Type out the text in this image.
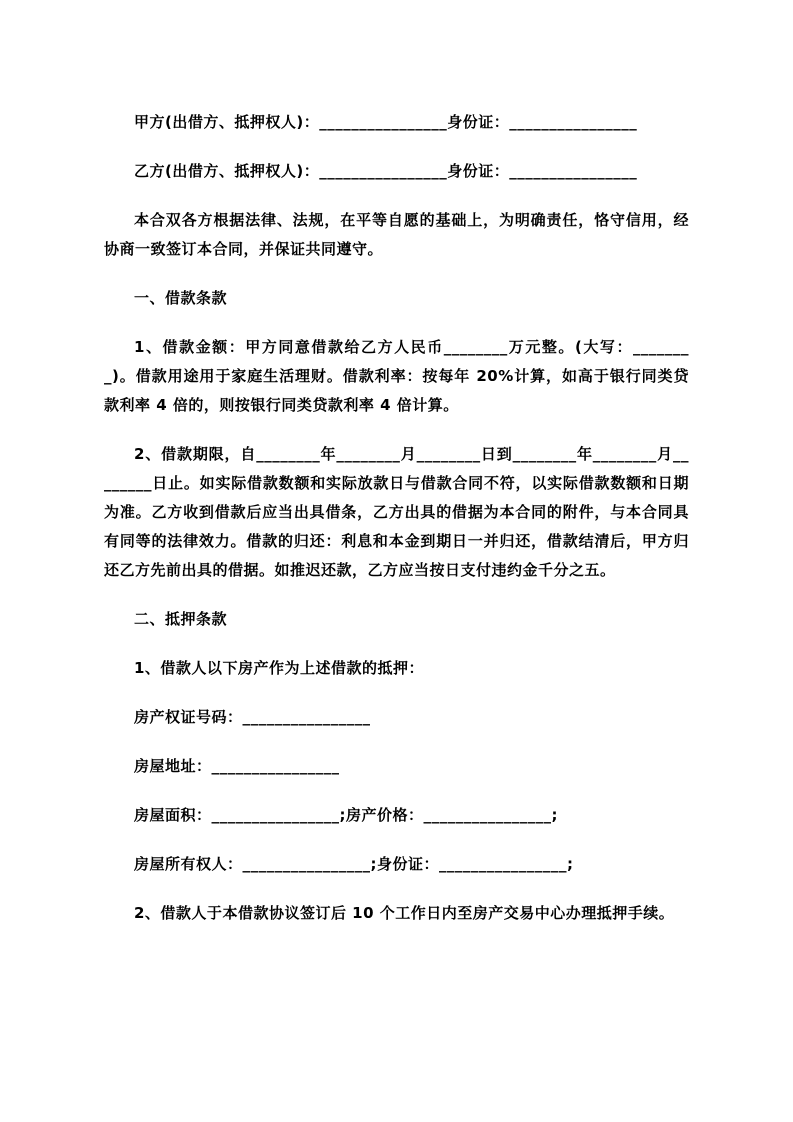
甲方(出借方、抵押权人)：________________身份证：________________

乙方(出借方、抵押权人)：________________身份证：________________

本合双各方根据法律、法规，在平等自愿的基础上，为明确责任，恪守信用，经协商一致签订本合同，并保证共同遵守。

一、借款条款

1、借款金额：甲方同意借款给乙方人民币________万元整。(大写：________)。借款用途用于家庭生活理财。借款利率：按每年 20%计算，如高于银行同类贷款利率 4 倍的，则按银行同类贷款利率 4 倍计算。

2、借款期限，自________年________月________日到________年________月________日止。如实际借款数额和实际放款日与借款合同不符，以实际借款数额和日期为准。乙方收到借款后应当出具借条，乙方出具的借据为本合同的附件，与本合同具有同等的法律效力。借款的归还：利息和本金到期日一并归还，借款结清后，甲方归还乙方先前出具的借据。如推迟还款，乙方应当按日支付违约金千分之五。

二、抵押条款

1、借款人以下房产作为上述借款的抵押：

房产权证号码：________________

房屋地址：________________

房屋面积：________________;房产价格：________________;

房屋所有权人：________________;身份证：________________;

2、借款人于本借款协议签订后 10 个工作日内至房产交易中心办理抵押手续。
